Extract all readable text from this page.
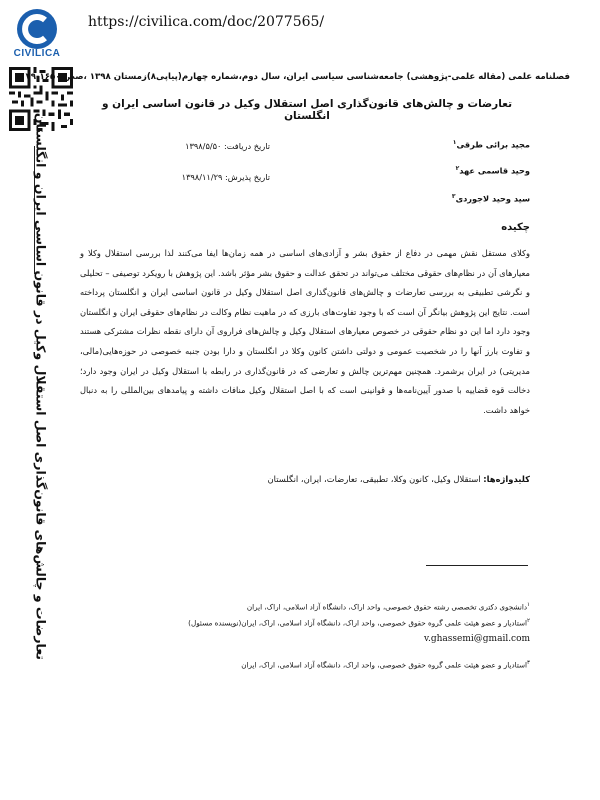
CIVILICA
https://civilica.com/doc/2077565/
تعارضات و چالش‌های قانون‌گذاری اصل استقلال وکیل در قانون اساسی ایران و انگلستان
فصلنامه علمی (مقاله علمی-پژوهشی) جامعه‌شناسی سیاسی ایران، سال دوم،شماره چهارم(پیاپی۸)زمستان ۱۳۹۸ ،صص ۱۶۵۰-۱۱۷۹
تعارضات و چالش‌های قانون‌گذاری اصل استقلال وکیل در قانون اساسی ایران و انگلستان
مجید برائی طرقی$^۱$
وحید قاسمی عهد$^۲$
سید وحید لاجوردی$^۳$
تاریخ دریافت: ۱۳۹۸/۵/۵۰
تاریخ پذیرش: ۱۳۹۸/۱۱/۲۹
چکیده
وکلای مستقل نقش مهمی در دفاع از حقوق بشر و آزادی‌های اساسی در همه زمان‌ها ایفا می‌کنند لذا بررسی استقلال وکلا و معیارهای آن در نظام‌های حقوقی مختلف می‌تواند در تحقق عدالت و حقوق بشر مؤثر باشد. این پژوهش با رویکرد توصیفی – تحلیلی و نگرشی تطبیقی به بررسی تعارضات و چالش‌های قانون‌گذاری اصل استقلال وکیل در قانون اساسی ایران و انگلستان پرداخته است. نتایج این پژوهش بیانگر آن است که با وجود تفاوت‌های بارزی که در ماهیت نظام وکالت در نظام‌های حقوقی ایران و انگلستان وجود دارد اما این دو نظام حقوقی در خصوص معیارهای استقلال وکیل و چالش‌های فراروی آن دارای نقطه نظرات مشترکی هستند و تفاوت بارز آنها را در شخصیت عمومی و دولتی داشتن کانون وکلا در انگلستان و دارا بودن جنبه خصوصی در حوزه‌هایی(مالی، مدیریتی) در ایران برشمرد. همچنین مهم‌ترین چالش و تعارضی که در قانون‌گذاری در رابطه با استقلال وکیل در ایران وجود دارد؛ دخالت قوه قضاییه با صدور آیین‌نامه‌ها و قوانینی است که با اصل استقلال وکیل منافات داشته و پیامدهای بین‌المللی را به دنبال خواهد داشت.
کلیدواژه‌ها: استقلال وکیل، کانون وکلا، تطبیقی، تعارضات، ایران، انگلستان
$^۱$دانشجوی دکتری تخصصی رشته حقوق خصوصی، واحد اراک، دانشگاه آزاد اسلامی، اراک، ایران
$^۲$استادیار و عضو هیئت علمی گروه حقوق خصوصی، واحد اراک، دانشگاه آزاد اسلامی، اراک، ایران(نویسنده مسئول)
v.ghassemi@gmail.com
$^۳$استادیار و عضو هیئت علمی گروه حقوق خصوصی، واحد اراک، دانشگاه آزاد اسلامی، اراک، ایران
